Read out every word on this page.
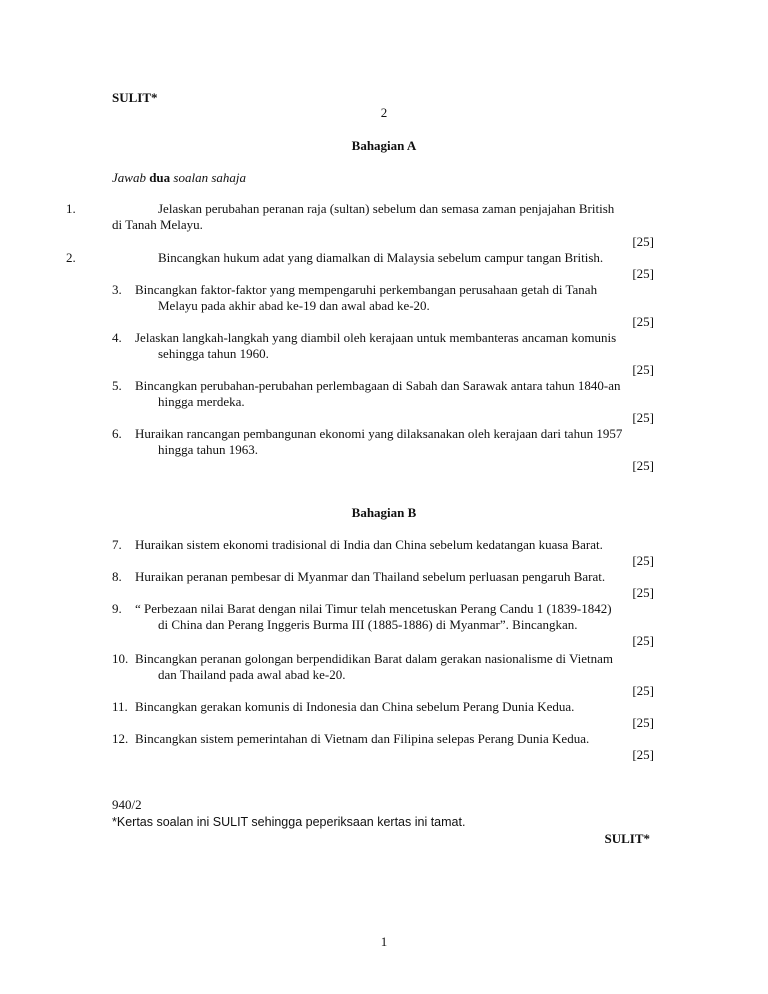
SULIT*
2
Bahagian A
Jawab dua soalan sahaja
1.	Jelaskan perubahan peranan raja (sultan) sebelum dan semasa zaman penjajahan British
di Tanah Melayu.
[25]
2.	Bincangkan hukum adat yang diamalkan di Malaysia sebelum campur tangan British.
[25]
3.	Bincangkan faktor-faktor yang mempengaruhi perkembangan perusahaan getah di Tanah
Melayu pada akhir abad ke-19 dan awal abad ke-20.
[25]
4.	Jelaskan langkah-langkah yang diambil oleh kerajaan untuk membanteras ancaman komunis
sehingga tahun 1960.
[25]
5.	Bincangkan perubahan-perubahan perlembagaan di Sabah dan Sarawak antara tahun 1840-an
hingga merdeka.
[25]
6.	Huraikan rancangan pembangunan ekonomi yang dilaksanakan oleh kerajaan dari tahun 1957
hingga tahun 1963.
[25]
Bahagian B
7.	Huraikan sistem ekonomi tradisional di India dan China sebelum kedatangan kuasa Barat.
[25]
8.	Huraikan peranan pembesar di Myanmar dan Thailand sebelum perluasan pengaruh Barat.
[25]
9.	“ Perbezaan nilai Barat dengan nilai Timur telah mencetuskan Perang Candu 1 (1839-1842)
di China dan Perang Inggeris Burma III (1885-1886) di Myanmar”. Bincangkan.
[25]
10. Bincangkan peranan golongan berpendidikan Barat dalam gerakan nasionalisme di Vietnam
dan Thailand pada awal abad ke-20.
[25]
11. Bincangkan gerakan komunis di Indonesia dan China sebelum Perang Dunia Kedua.
[25]
12. Bincangkan sistem pemerintahan di Vietnam dan Filipina selepas Perang Dunia Kedua.
[25]
940/2
*Kertas soalan ini SULIT sehingga peperiksaan kertas ini tamat.
SULIT*
1
